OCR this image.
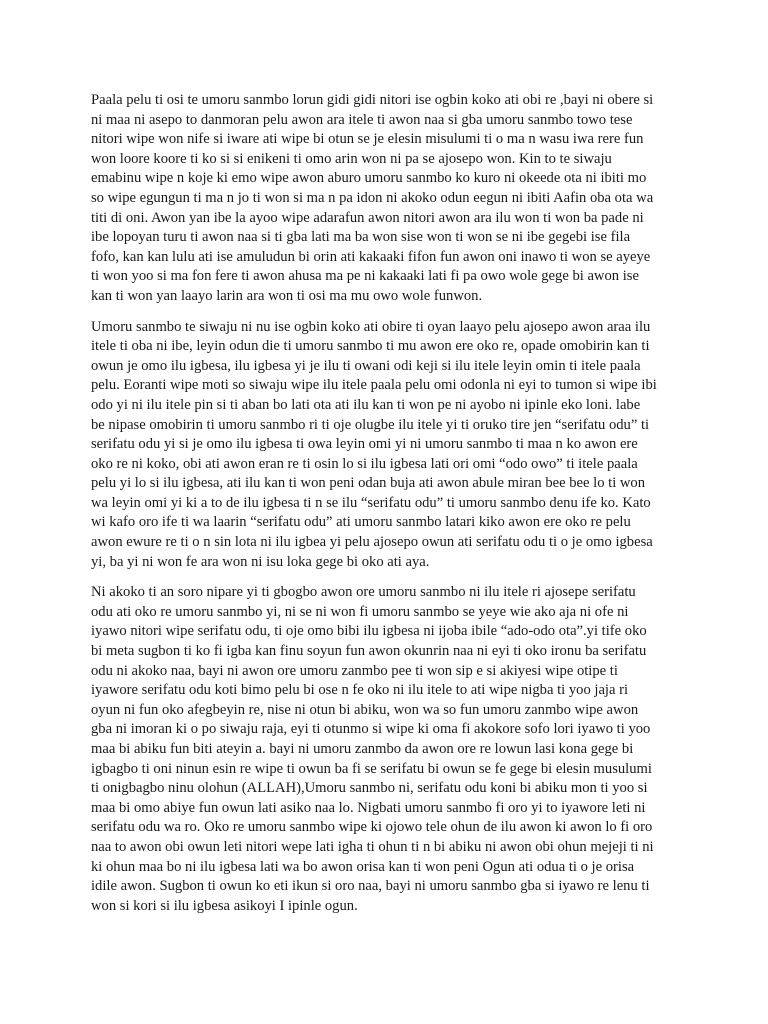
Paala pelu ti osi te umoru sanmbo lorun gidi gidi nitori ise ogbin koko ati obi re ,bayi ni obere si
ni maa ni asepo to danmoran pelu awon ara itele ti awon naa si gba umoru sanmbo towo tese
nitori wipe won nife si iware ati wipe bi otun se je elesin misulumi ti o ma n wasu iwa rere fun
won loore koore ti ko si si enikeni ti omo arin won ni pa se ajosepo won. Kin to te siwaju
emabinu wipe n koje ki emo wipe awon aburo umoru sanmbo ko kuro ni okeede ota ni ibiti mo
so wipe egungun ti ma n jo ti won si ma n pa idon ni akoko odun eegun ni ibiti Aafin oba ota wa
titi di oni. Awon yan ibe la ayoo wipe adarafun awon nitori awon ara ilu won ti won ba pade ni
ibe lopoyan turu ti awon naa si ti gba lati ma ba won sise won ti won se ni ibe gegebi ise fila
fofo, kan kan lulu ati ise amuludun bi orin ati kakaaki fifon fun awon oni inawo ti won se ayeye
ti won yoo si ma fon fere ti awon ahusa ma pe ni kakaaki lati fi pa owo wole gege bi awon ise
kan ti won yan laayo larin ara won ti osi ma mu owo wole funwon.

Umoru sanmbo te siwaju ni nu ise ogbin koko ati obire ti oyan laayo pelu ajosepo awon araa ilu
itele ti oba ni ibe, leyin odun die ti umoru sanmbo ti mu awon ere oko re, opade omobirin kan ti
owun je omo ilu igbesa, ilu igbesa yi je ilu ti owani odi keji si ilu itele leyin omin ti itele paala
pelu. Eoranti wipe moti so siwaju wipe ilu itele paala pelu omi odonla ni eyi to tumon si wipe ibi
odo yi ni ilu itele pin si ti aban bo lati ota ati ilu kan ti won pe ni ayobo ni ipinle eko loni. labe
be nipase omobirin ti umoru sanmbo ri ti oje olugbe ilu itele yi ti oruko tire jen “serifatu odu” ti
serifatu odu yi si je omo ilu igbesa ti owa leyin omi yi ni umoru sanmbo ti maa n ko awon ere
oko re ni koko, obi ati awon eran re ti osin lo si ilu igbesa lati ori omi “odo owo” ti itele paala
pelu yi lo si ilu igbesa, ati ilu kan ti won peni odan buja ati awon abule miran bee bee lo ti won
wa leyin omi yi ki a to de ilu igbesa ti n se ilu “serifatu odu” ti umoru sanmbo denu ife ko. Kato
wi kafo oro ife ti wa laarin “serifatu odu” ati umoru sanmbo latari kiko awon ere oko re pelu
awon ewure re ti o n sin lota ni ilu igbea yi pelu ajosepo owun ati serifatu odu ti o je omo igbesa
yi, ba yi ni won fe ara won ni isu loka gege bi oko ati aya.

Ni akoko ti an soro nipare yi ti gbogbo awon ore umoru sanmbo ni ilu itele ri ajosepe serifatu
odu ati oko re umoru sanmbo yi, ni se ni won fi umoru sanmbo se yeye wie ako aja ni ofe ni
iyawo nitori wipe serifatu odu, ti oje omo bibi ilu igbesa ni ijoba ibile “ado-odo ota”.yi tife oko
bi meta sugbon ti ko fi igba kan finu soyun fun awon okunrin naa ni eyi ti oko ironu ba serifatu
odu ni akoko naa, bayi ni awon ore umoru zanmbo pee ti won sip e si akiyesi wipe otipe ti
iyawore serifatu odu koti bimo pelu bi ose n fe oko ni ilu itele to ati wipe nigba ti yoo jaja ri
oyun ni fun oko afegbeyin re, nise ni otun bi abiku, won wa so fun umoru zanmbo wipe awon
gba ni imoran ki o po siwaju raja, eyi ti otunmo si wipe ki oma fi akokore sofo lori iyawo ti yoo
maa bi abiku fun biti ateyin a. bayi ni umoru zanmbo da awon ore re lowun lasi kona gege bi
igbagbo ti oni ninun esin re wipe ti owun ba fi se serifatu bi owun se fe gege bi elesin musulumi
ti onigbagbo ninu olohun (ALLAH),Umoru sanmbo ni, serifatu odu koni bi abiku mon ti yoo si
maa bi omo abiye fun owun lati asiko naa lo. Nigbati umoru sanmbo fi oro yi to iyawore leti ni
serifatu odu wa ro. Oko re umoru sanmbo wipe ki ojowo tele ohun de ilu awon ki awon lo fi oro
naa to awon obi owun leti nitori wepe lati igha ti ohun ti n bi abiku ni awon obi ohun mejeji ti ni
ki ohun maa bo ni ilu igbesa lati wa bo awon orisa kan ti won peni Ogun ati odua ti o je orisa
idile awon. Sugbon ti owun ko eti ikun si oro naa, bayi ni umoru sanmbo gba si iyawo re lenu ti
won si kori si ilu igbesa asikoyi I ipinle ogun.
